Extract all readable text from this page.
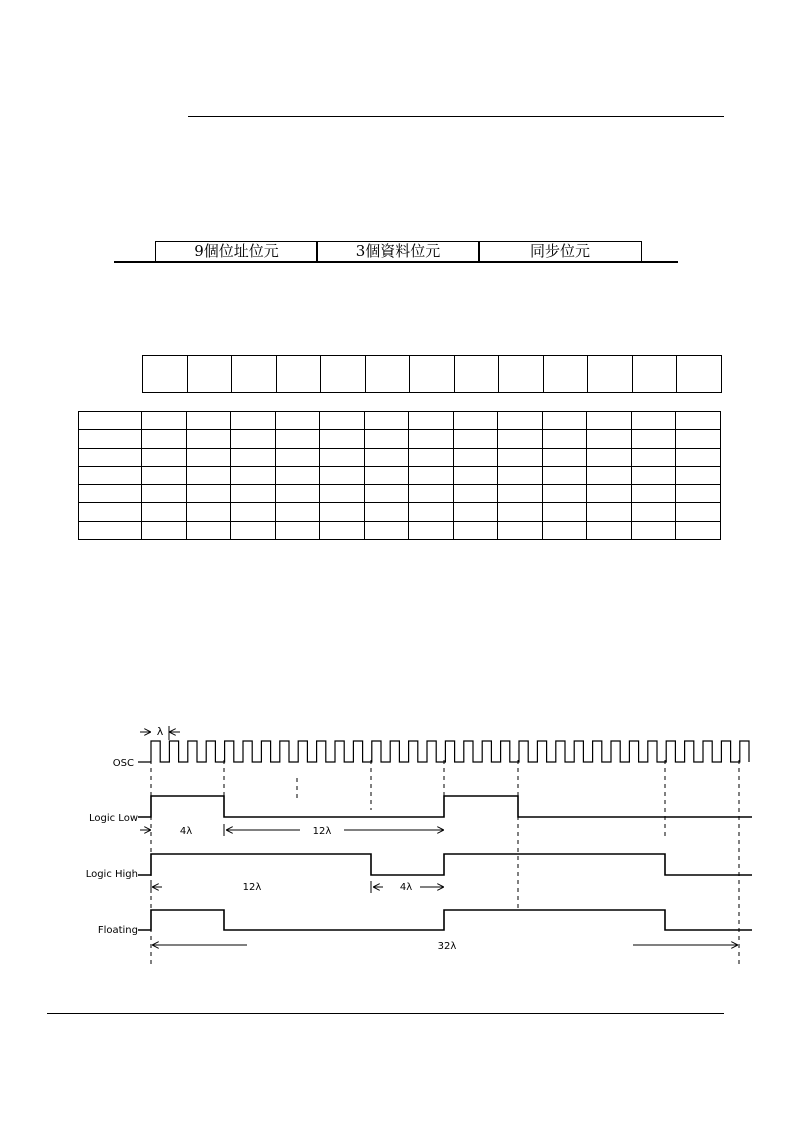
9個位址位元	3個資料位元	同步位元

OSC
Logic Low
Logic High
Floating
λ
4λ	12λ
12λ	4λ
32λ
